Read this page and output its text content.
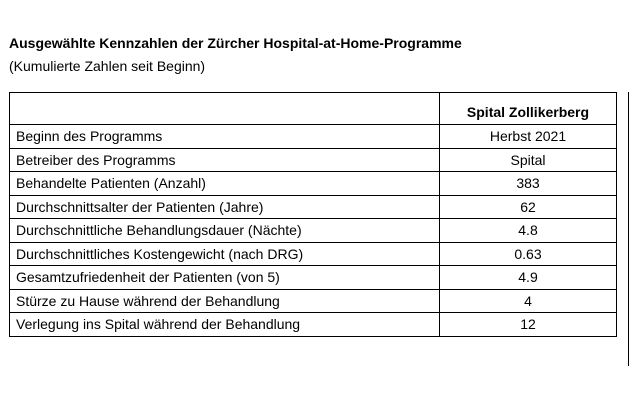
Ausgewählte Kennzahlen der Zürcher Hospital-at-Home-Programme
(Kumulierte Zahlen seit Beginn)
	Spital Zollikerberg
Beginn des Programms	Herbst 2021
Betreiber des Programms	Spital
Behandelte Patienten (Anzahl)	383
Durchschnittsalter der Patienten (Jahre)	62
Durchschnittliche Behandlungsdauer (Nächte)	4.8
Durchschnittliches Kostengewicht (nach DRG)	0.63
Gesamtzufriedenheit der Patienten (von 5)	4.9
Stürze zu Hause während der Behandlung	4
Verlegung ins Spital während der Behandlung	12
